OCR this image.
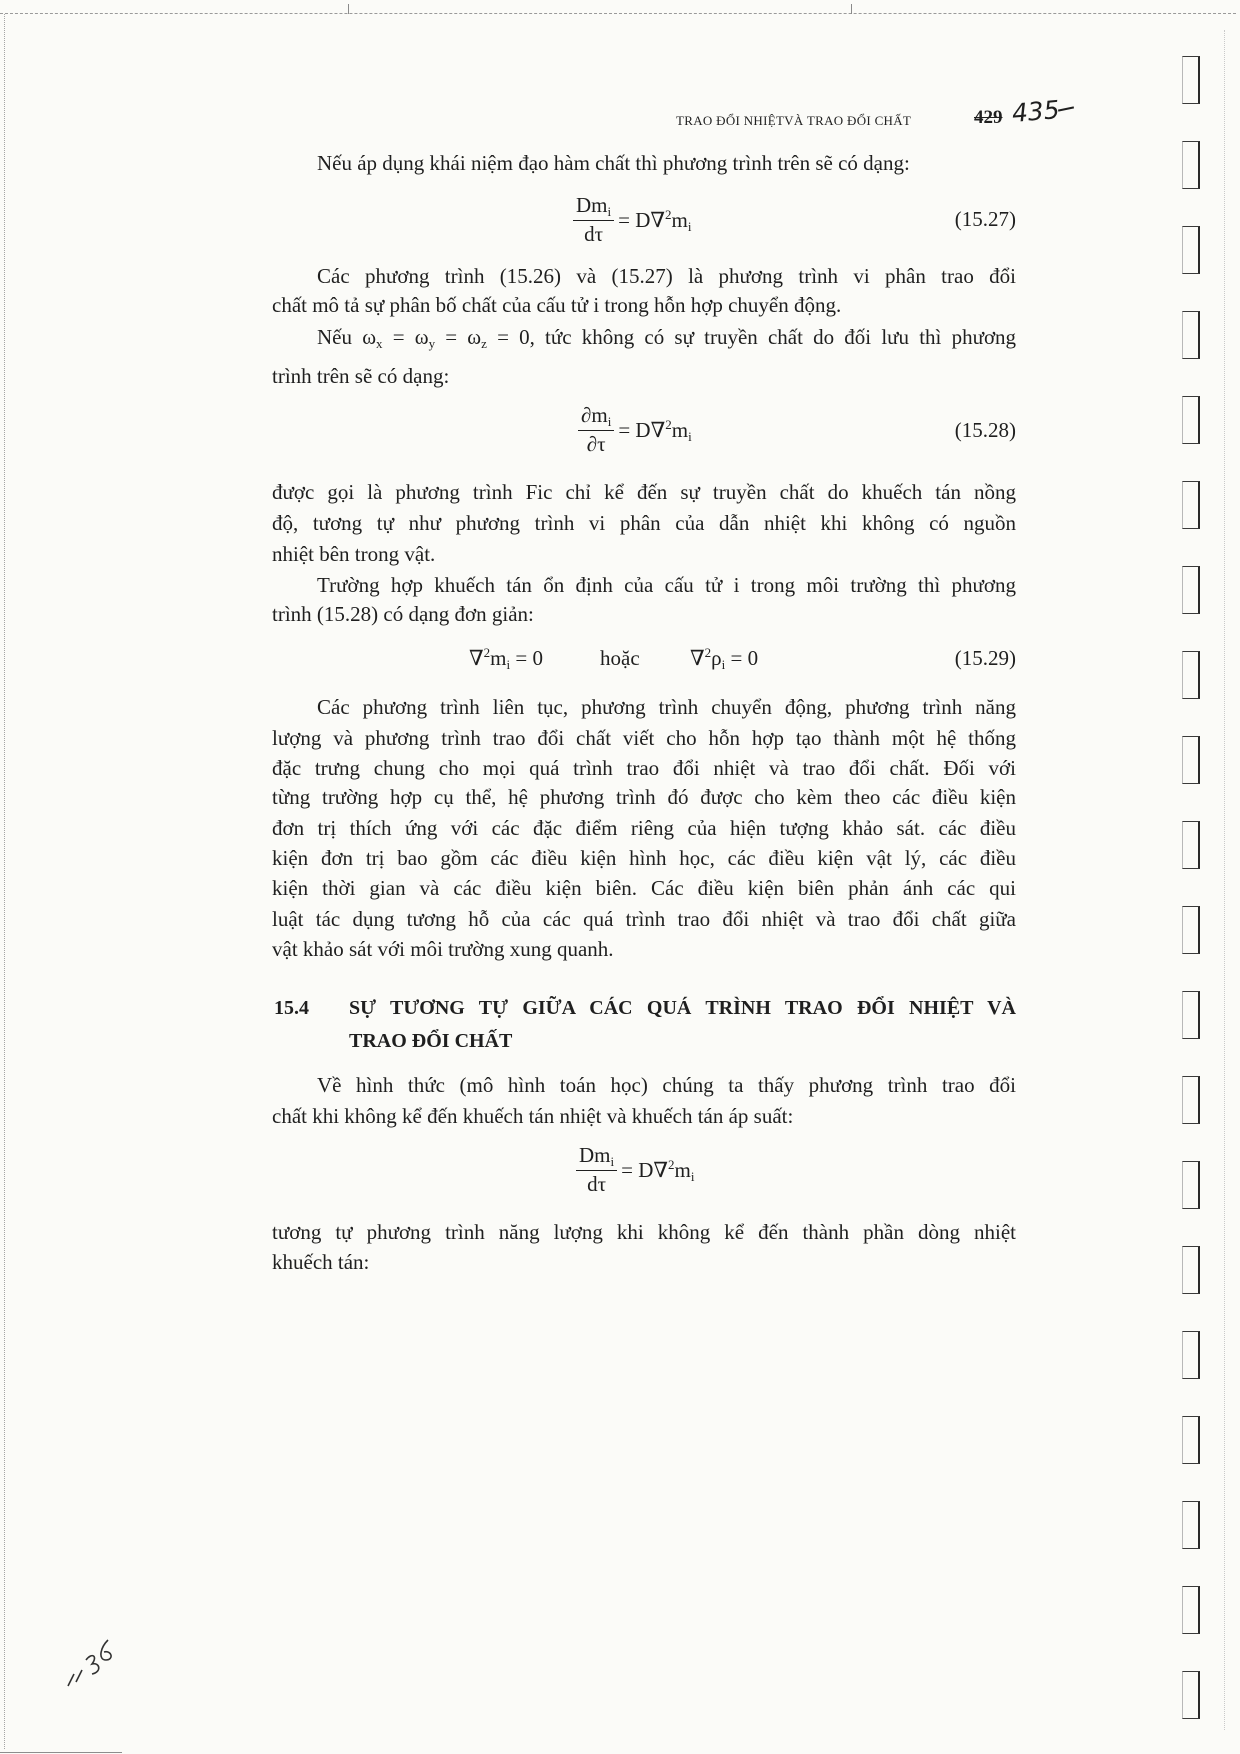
TRAO ĐỔI NHIỆTVÀ TRAO ĐỔI CHẤT	429 435
Nếu áp dụng khái niệm đạo hàm chất thì phương trình trên sẽ có dạng:
$\frac{Dm_i}{d\tau} = D\nabla^2m_i$	(15.27)
Các phương trình (15.26) và (15.27) là phương trình vi phân trao đổi
chất mô tả sự phân bố chất của cấu tử i trong hỗn hợp chuyển động.
Nếu $\omega_x = \omega_y = \omega_z = 0$, tức không có sự truyền chất do đối lưu thì phương
trình trên sẽ có dạng:
$\frac{\partial m_i}{\partial\tau} = D\nabla^2m_i$	(15.28)
được gọi là phương trình Fic chỉ kể đến sự truyền chất do khuếch tán nồng
độ, tương tự như phương trình vi phân của dẫn nhiệt khi không có nguồn
nhiệt bên trong vật.
Trường hợp khuếch tán ổn định của cấu tử i trong môi trường thì phương
trình (15.28) có dạng đơn giản:
$\nabla^2m_i = 0$	hoặc $\nabla^2\rho_i = 0$	(15.29)
Các phương trình liên tục, phương trình chuyển động, phương trình năng
lượng và phương trình trao đổi chất viết cho hỗn hợp tạo thành một hệ thống
đặc trưng chung cho mọi quá trình trao đổi nhiệt và trao đổi chất. Đối với
từng trường hợp cụ thể, hệ phương trình đó được cho kèm theo các điều kiện
đơn trị thích ứng với các đặc điểm riêng của hiện tượng khảo sát. các điều
kiện đơn trị bao gồm các điều kiện hình học, các điều kiện vật lý, các điều
kiện thời gian và các điều kiện biên. Các điều kiện biên phản ánh các qui
luật tác dụng tương hỗ của các quá trình trao đổi nhiệt và trao đổi chất giữa
vật khảo sát với môi trường xung quanh.
15.4 SỰ TƯƠNG TỰ GIỮA CÁC QUÁ TRÌNH TRAO ĐỔI NHIỆT VÀ
TRAO ĐỔI CHẤT
Về hình thức (mô hình toán học) chúng ta thấy phương trình trao đổi
chất khi không kể đến khuếch tán nhiệt và khuếch tán áp suất:
$\frac{Dm_i}{d\tau} = D\nabla^2m_i$
tương tự phương trình năng lượng khi không kể đến thành phần dòng nhiệt
khuếch tán:
